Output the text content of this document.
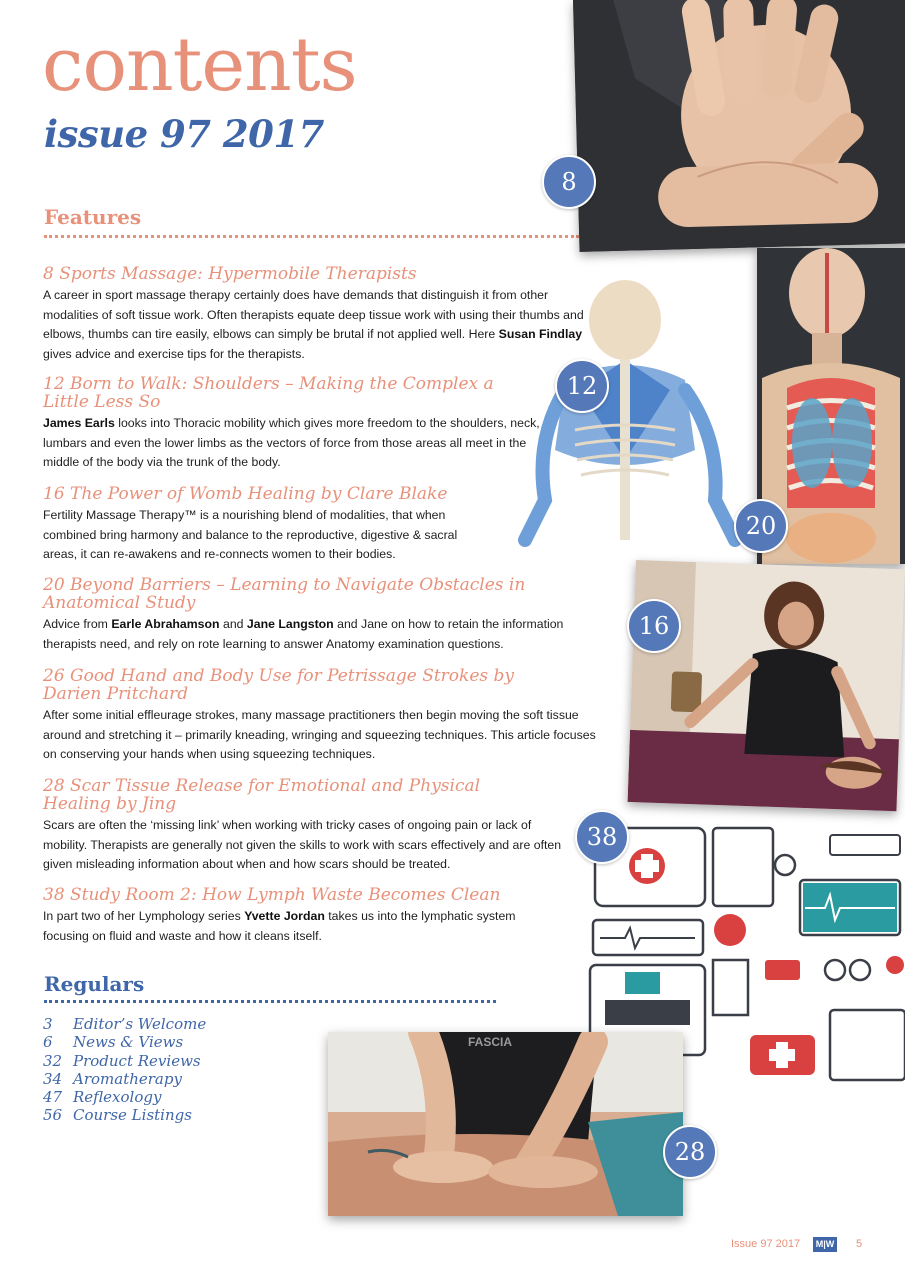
contents
issue 97 2017
Features

8 Sports Massage: Hypermobile Therapists

A career in sport massage therapy certainly does have demands that distinguish it from other modalities of soft tissue work. Often therapists equate deep tissue work with using their thumbs and elbows, thumbs can tire easily, elbows can simply be brutal if not applied well. Here Susan Findlay gives advice and exercise tips for the therapists.

12 Born to Walk: Shoulders – Making the Complex a Little Less So

James Earls looks into Thoracic mobility which gives more freedom to the shoulders, neck, lumbars and even the lower limbs as the vectors of force from those areas all meet in the middle of the body via the trunk of the body.

16 The Power of Womb Healing by Clare Blake

Fertility Massage Therapy™ is a nourishing blend of modalities, that when combined bring harmony and balance to the reproductive, digestive & sacral areas, it can re-awakens and re-connects women to their bodies.

20 Beyond Barriers – Learning to Navigate Obstacles in Anatomical Study

Advice from Earle Abrahamson and Jane Langston and Jane on how to retain the information therapists need, and rely on rote learning to answer Anatomy examination questions.

26 Good Hand and Body Use for Petrissage Strokes by Darien Pritchard

After some initial effleurage strokes, many massage practitioners then begin moving the soft tissue around and stretching it – primarily kneading, wringing and squeezing techniques. This article focuses on conserving your hands when using squeezing techniques.

28 Scar Tissue Release for Emotional and Physical Healing by Jing

Scars are often the ‘missing link’ when working with tricky cases of ongoing pain or lack of mobility. Therapists are generally not given the skills to work with scars effectively and are often given misleading information about when and how scars should be treated.

38 Study Room 2: How Lymph Waste Becomes Clean

In part two of her Lymphology series Yvette Jordan takes us into the lymphatic system focusing on fluid and waste and how it cleans itself.

Regulars
3 Editor’s Welcome
6 News & Views
32 Product Reviews
34 Aromatherapy
47 Reflexology
56 Course Listings
FASCIA
8
12
20
16
38
28
Issue 97 2017	M|W 5
